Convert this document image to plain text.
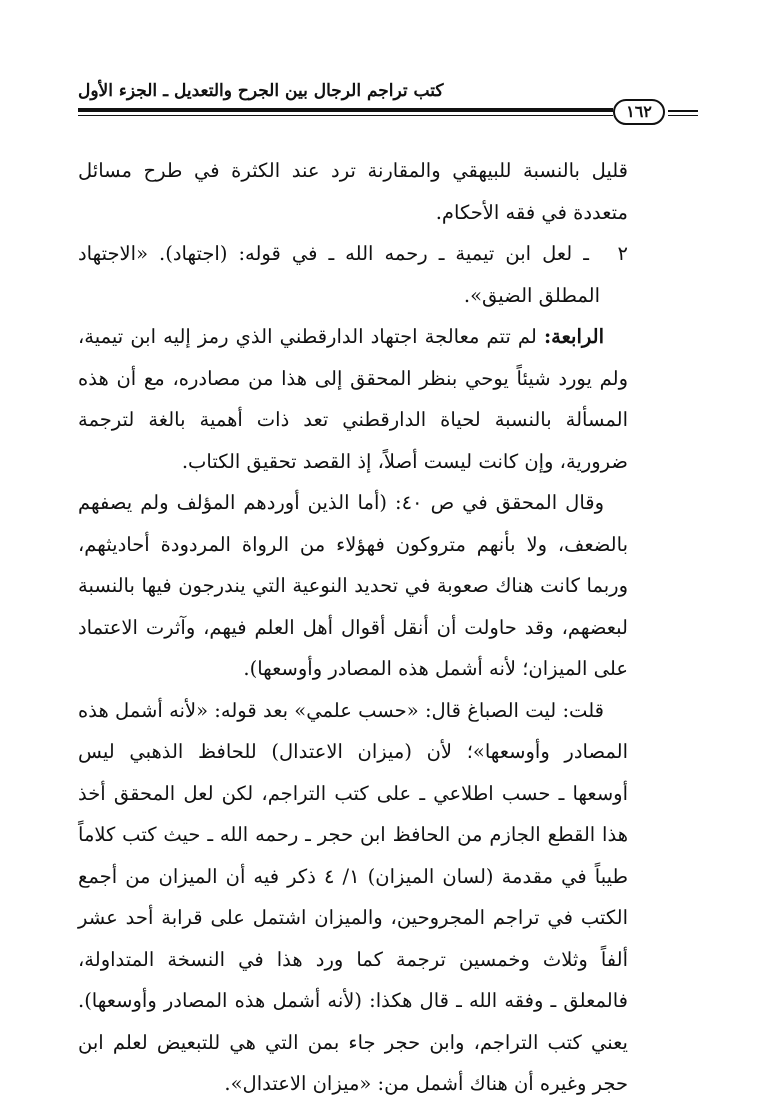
كتب تراجم الرجال بين الجرح والتعديل ـ الجزء الأول
١٦٢

قليل بالنسبة للبيهقي والمقارنة ترد عند الكثرة في طرح مسائل متعددة في فقه الأحكام.

٢ ـ لعل ابن تيمية ـ رحمه الله ـ في قوله: (اجتهاد). «الاجتهاد المطلق الضيق».

الرابعة: لم تتم معالجة اجتهاد الدارقطني الذي رمز إليه ابن تيمية، ولم يورد شيئاً يوحي بنظر المحقق إلى هذا من مصادره، مع أن هذه المسألة بالنسبة لحياة الدارقطني تعد ذات أهمية بالغة لترجمة ضرورية، وإن كانت ليست أصلاً، إذ القصد تحقيق الكتاب.

وقال المحقق في ص ٤٠: (أما الذين أوردهم المؤلف ولم يصفهم بالضعف، ولا بأنهم متروكون فهؤلاء من الرواة المردودة أحاديثهم، وربما كانت هناك صعوبة في تحديد النوعية التي يندرجون فيها بالنسبة لبعضهم، وقد حاولت أن أنقل أقوال أهل العلم فيهم، وآثرت الاعتماد على الميزان؛ لأنه أشمل هذه المصادر وأوسعها).

قلت: ليت الصباغ قال: «حسب علمي» بعد قوله: «لأنه أشمل هذه المصادر وأوسعها»؛ لأن (ميزان الاعتدال) للحافظ الذهبي ليس أوسعها ـ حسب اطلاعي ـ على كتب التراجم، لكن لعل المحقق أخذ هذا القطع الجازم من الحافظ ابن حجر ـ رحمه الله ـ حيث كتب كلاماً طيباً في مقدمة (لسان الميزان) ١/ ٤ ذكر فيه أن الميزان من أجمع الكتب في تراجم المجروحين، والميزان اشتمل على قرابة أحد عشر ألفاً وثلاث وخمسين ترجمة كما ورد هذا في النسخة المتداولة، فالمعلق ـ وفقه الله ـ قال هكذا: (لأنه أشمل هذه المصادر وأوسعها). يعني كتب التراجم، وابن حجر جاء بمن التي هي للتبعيض لعلم ابن حجر وغيره أن هناك أشمل من: «ميزان الاعتدال».
